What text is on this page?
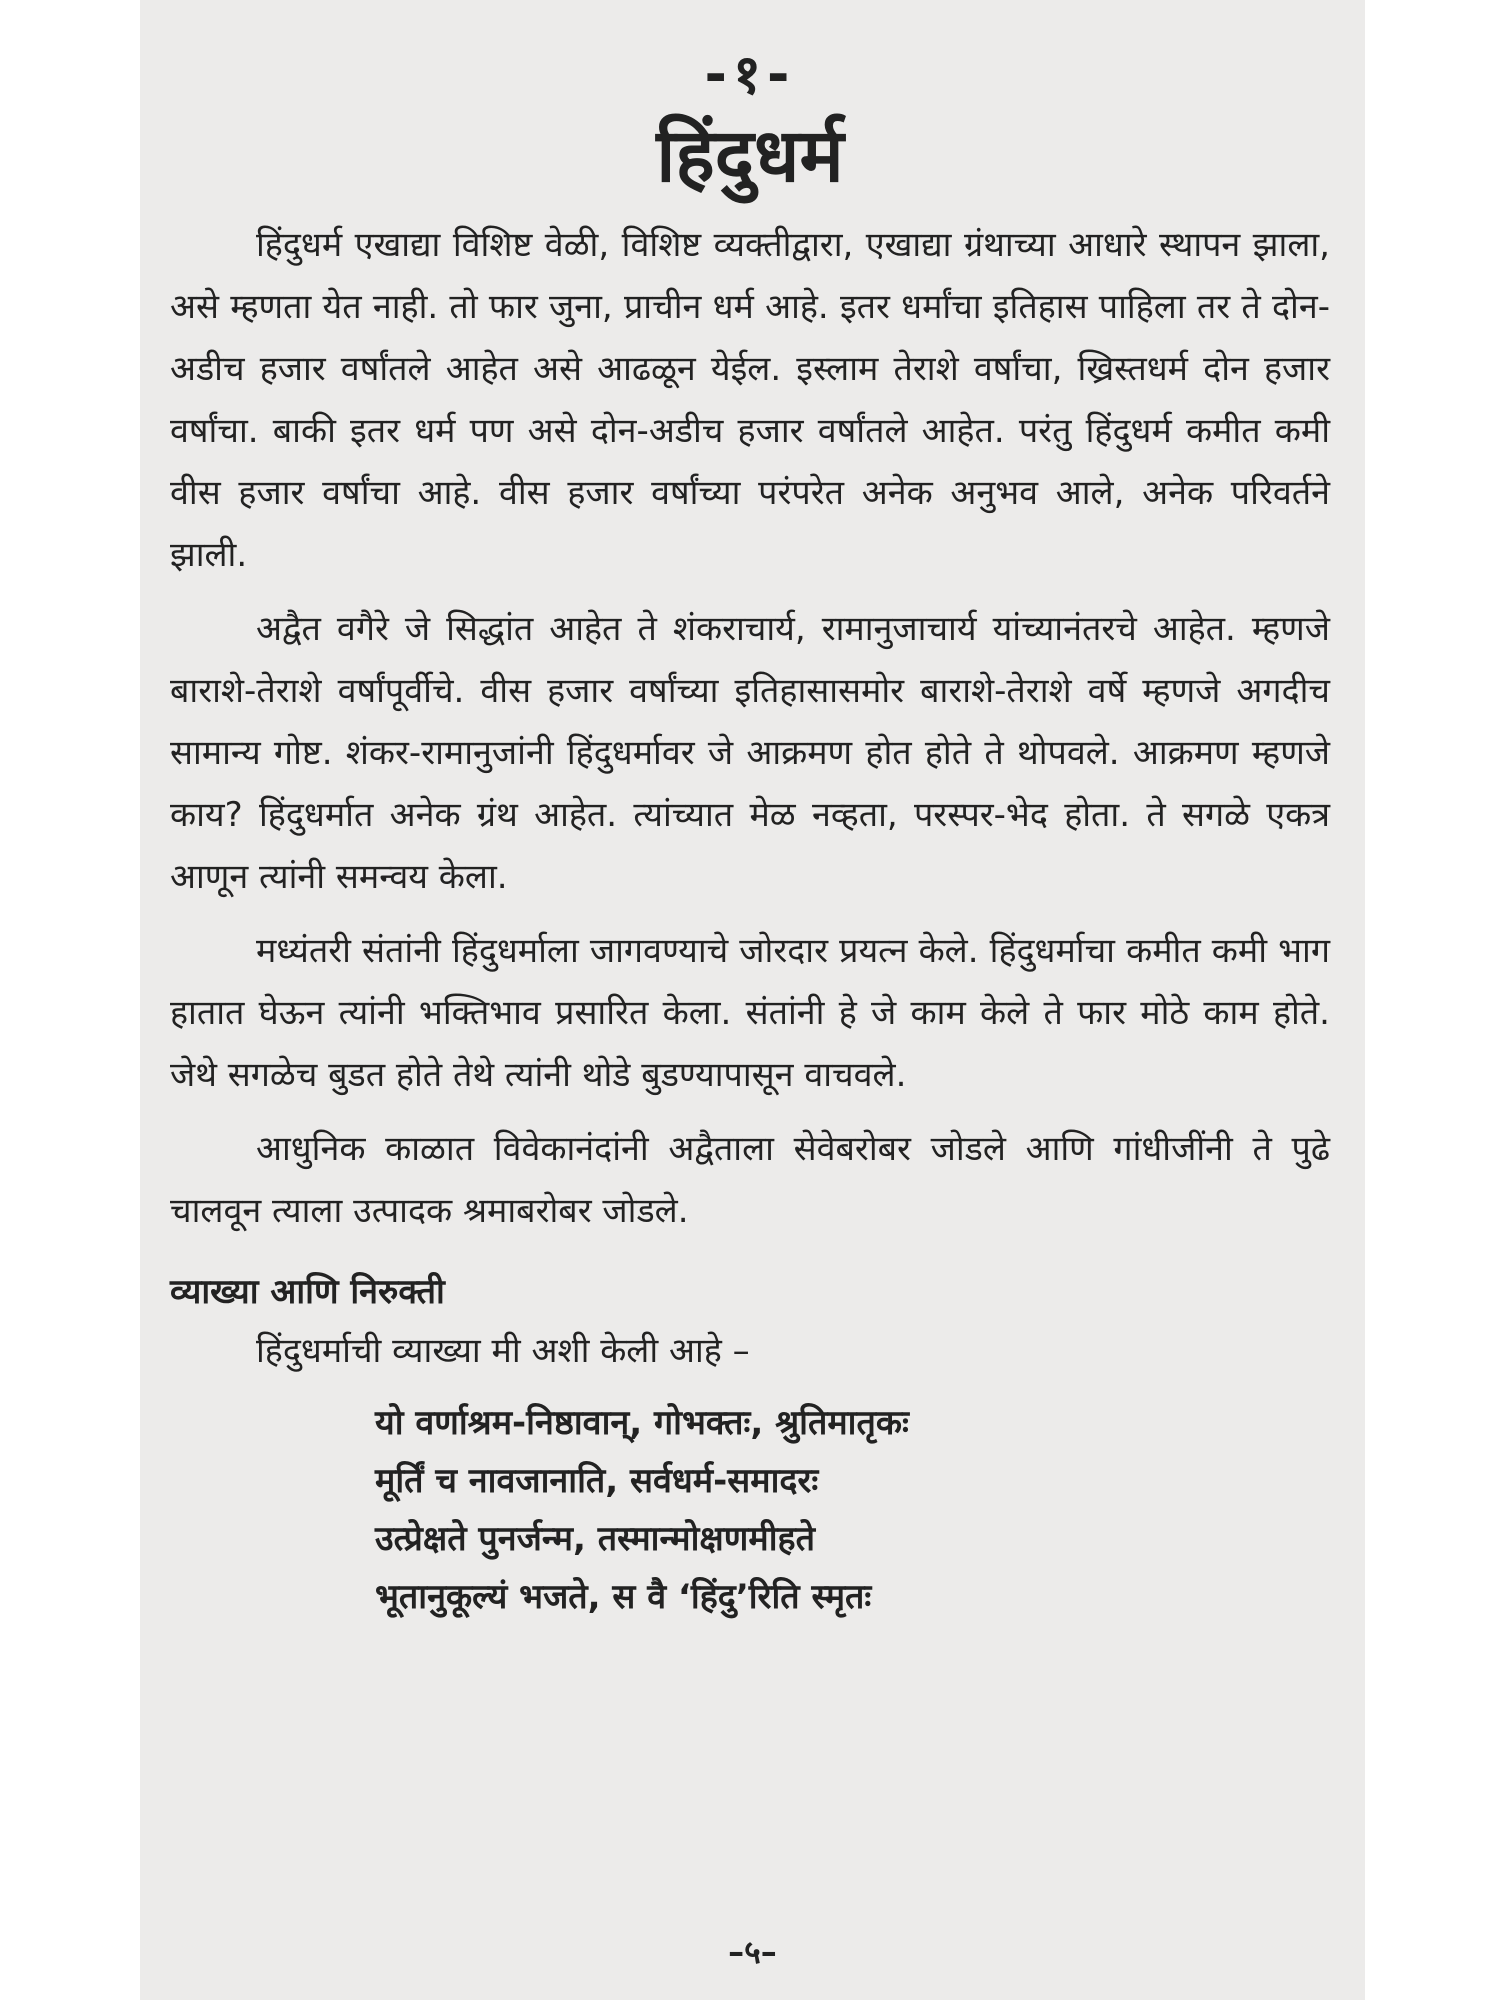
-१-
हिंदुधर्म

हिंदुधर्म एखाद्या विशिष्ट वेळी, विशिष्ट व्यक्तीद्वारा, एखाद्या ग्रंथाच्या आधारे स्थापन झाला, असे म्हणता येत नाही. तो फार जुना, प्राचीन धर्म आहे. इतर धर्मांचा इतिहास पाहिला तर ते दोन-अडीच हजार वर्षांतले आहेत असे आढळून येईल. इस्लाम तेराशे वर्षांचा, ख्रिस्तधर्म दोन हजार वर्षांचा. बाकी इतर धर्म पण असे दोन-अडीच हजार वर्षांतले आहेत. परंतु हिंदुधर्म कमीत कमी वीस हजार वर्षांचा आहे. वीस हजार वर्षांच्या परंपरेत अनेक अनुभव आले, अनेक परिवर्तने झाली.

अद्वैत वगैरे जे सिद्धांत आहेत ते शंकराचार्य, रामानुजाचार्य यांच्यानंतरचे आहेत. म्हणजे बाराशे-तेराशे वर्षांपूर्वीचे. वीस हजार वर्षांच्या इतिहासासमोर बाराशे-तेराशे वर्षे म्हणजे अगदीच सामान्य गोष्ट. शंकर-रामानुजांनी हिंदुधर्मावर जे आक्रमण होत होते ते थोपवले. आक्रमण म्हणजे काय? हिंदुधर्मात अनेक ग्रंथ आहेत. त्यांच्यात मेळ नव्हता, परस्पर-भेद होता. ते सगळे एकत्र आणून त्यांनी समन्वय केला.

मध्यंतरी संतांनी हिंदुधर्माला जागवण्याचे जोरदार प्रयत्न केले. हिंदुधर्माचा कमीत कमी भाग हातात घेऊन त्यांनी भक्तिभाव प्रसारित केला. संतांनी हे जे काम केले ते फार मोठे काम होते. जेथे सगळेच बुडत होते तेथे त्यांनी थोडे बुडण्यापासून वाचवले.

आधुनिक काळात विवेकानंदांनी अद्वैताला सेवेबरोबर जोडले आणि गांधीजींनी ते पुढे चालवून त्याला उत्पादक श्रमाबरोबर जोडले.

व्याख्या आणि निरुक्ती
हिंदुधर्माची व्याख्या मी अशी केली आहे –
यो वर्णाश्रम-निष्ठावान्, गोभक्तः, श्रुतिमातृकः
मूर्तिं च नावजानाति, सर्वधर्म-समादरः
उत्प्रेक्षते पुनर्जन्म, तस्मान्मोक्षणमीहते
भूतानुकूल्यं भजते, स वै ‘हिंदु’रिति स्मृतः
–५–
